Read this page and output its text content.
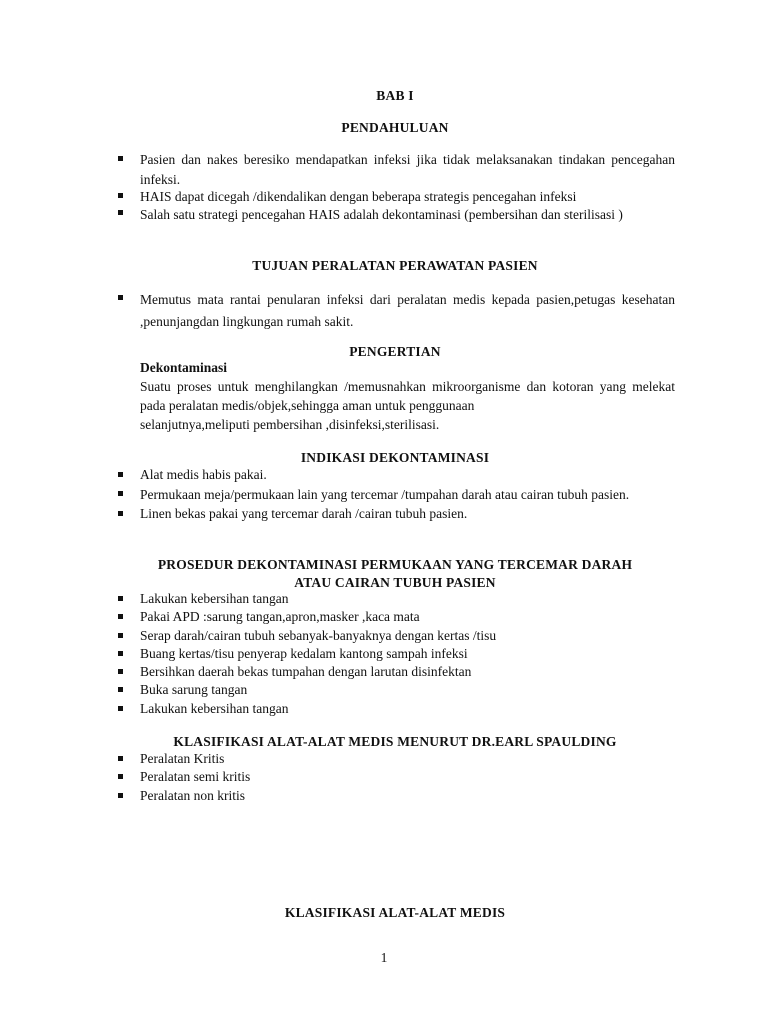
BAB I
PENDAHULUAN
Pasien dan nakes beresiko mendapatkan infeksi jika tidak melaksanakan tindakan pencegahan infeksi.
HAIS dapat dicegah /dikendalikan dengan beberapa strategis pencegahan infeksi
Salah satu strategi pencegahan HAIS adalah dekontaminasi (pembersihan dan sterilisasi )
TUJUAN PERALATAN PERAWATAN PASIEN
Memutus mata rantai penularan infeksi dari peralatan medis kepada pasien,petugas kesehatan ,penunjangdan lingkungan rumah sakit.
PENGERTIAN
Dekontaminasi
Suatu proses untuk menghilangkan /memusnahkan mikroorganisme dan kotoran yang melekat pada peralatan medis/objek,sehingga aman untuk penggunaan
selanjutnya,meliputi pembersihan ,disinfeksi,sterilisasi.
INDIKASI DEKONTAMINASI
Alat medis habis pakai.
Permukaan meja/permukaan lain yang tercemar /tumpahan darah atau cairan tubuh pasien.
Linen bekas pakai yang tercemar darah /cairan tubuh pasien.
PROSEDUR DEKONTAMINASI PERMUKAAN YANG TERCEMAR DARAH
ATAU CAIRAN TUBUH PASIEN
Lakukan kebersihan tangan
Pakai APD :sarung tangan,apron,masker ,kaca mata
Serap darah/cairan tubuh sebanyak-banyaknya dengan kertas /tisu
Buang kertas/tisu penyerap kedalam kantong sampah infeksi
Bersihkan daerah bekas tumpahan dengan larutan disinfektan
Buka sarung tangan
Lakukan kebersihan tangan
KLASIFIKASI ALAT-ALAT MEDIS MENURUT DR.EARL SPAULDING
Peralatan Kritis
Peralatan semi kritis
Peralatan non kritis
KLASIFIKASI ALAT-ALAT MEDIS
1
